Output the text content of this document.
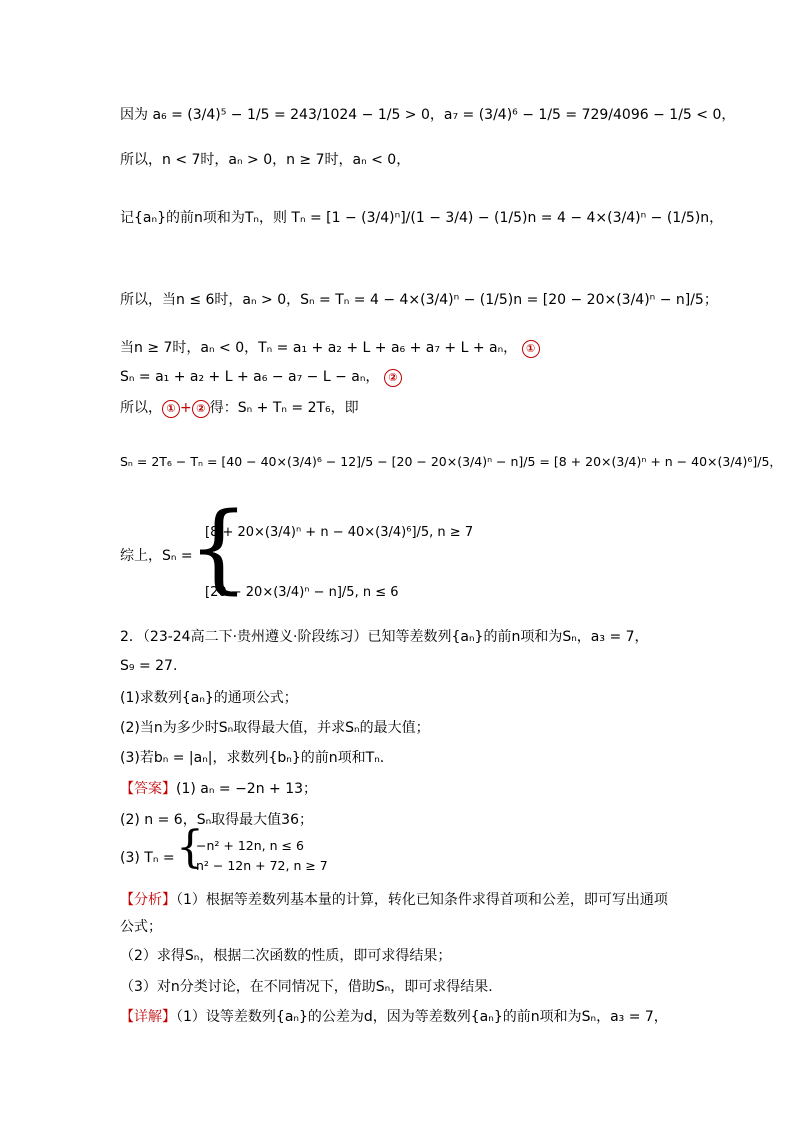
因为 a₆ = (3/4)⁵ − 1/5 = 243/1024 − 1/5 > 0，a₇ = (3/4)⁶ − 1/5 = 729/4096 − 1/5 < 0，
所以，n < 7时，aₙ > 0，n ≥ 7时，aₙ < 0，
记{aₙ}的前n项和为Tₙ，则 Tₙ = [1 − (3/4)ⁿ]/(1 − 3/4) − (1/5)n = 4 − 4×(3/4)ⁿ − (1/5)n，
所以，当n ≤ 6时，aₙ > 0，Sₙ = Tₙ = 4 − 4×(3/4)ⁿ − (1/5)n = [20 − 20×(3/4)ⁿ − n]/5；
当n ≥ 7时，aₙ < 0，Tₙ = a₁ + a₂ + L + a₆ + a₇ + L + aₙ， ①
Sₙ = a₁ + a₂ + L + a₆ − a₇ − L − aₙ， ②
所以， ① + ② 得：Sₙ + Tₙ = 2T₆，即
Sₙ = 2T₆ − Tₙ = [40 − 40×(3/4)⁶ − 12]/5 − [20 − 20×(3/4)ⁿ − n]/5 = [8 + 20×(3/4)ⁿ + n − 40×(3/4)⁶]/5，
综上，Sₙ =
{
[8 + 20×(3/4)ⁿ + n − 40×(3/4)⁶]/5, n ≥ 7
[20 − 20×(3/4)ⁿ − n]/5, n ≤ 6
2．（23-24高二下·贵州遵义·阶段练习）已知等差数列{aₙ}的前n项和为Sₙ，a₃ = 7，
S₉ = 27.
(1)求数列{aₙ}的通项公式；
(2)当n为多少时Sₙ取得最大值，并求Sₙ的最大值；
(3)若bₙ = |aₙ|，求数列{bₙ}的前n项和Tₙ.
【答案】(1) aₙ = −2n + 13；
(2) n = 6，Sₙ取得最大值36；
(3) Tₙ = {
−n² + 12n, n ≤ 6
n² − 12n + 72, n ≥ 7
【分析】（1）根据等差数列基本量的计算，转化已知条件求得首项和公差，即可写出通项
公式；
（2）求得Sₙ，根据二次函数的性质，即可求得结果；
（3）对n分类讨论，在不同情况下，借助Sₙ，即可求得结果.
【详解】（1）设等差数列{aₙ}的公差为d，因为等差数列{aₙ}的前n项和为Sₙ，a₃ = 7，
